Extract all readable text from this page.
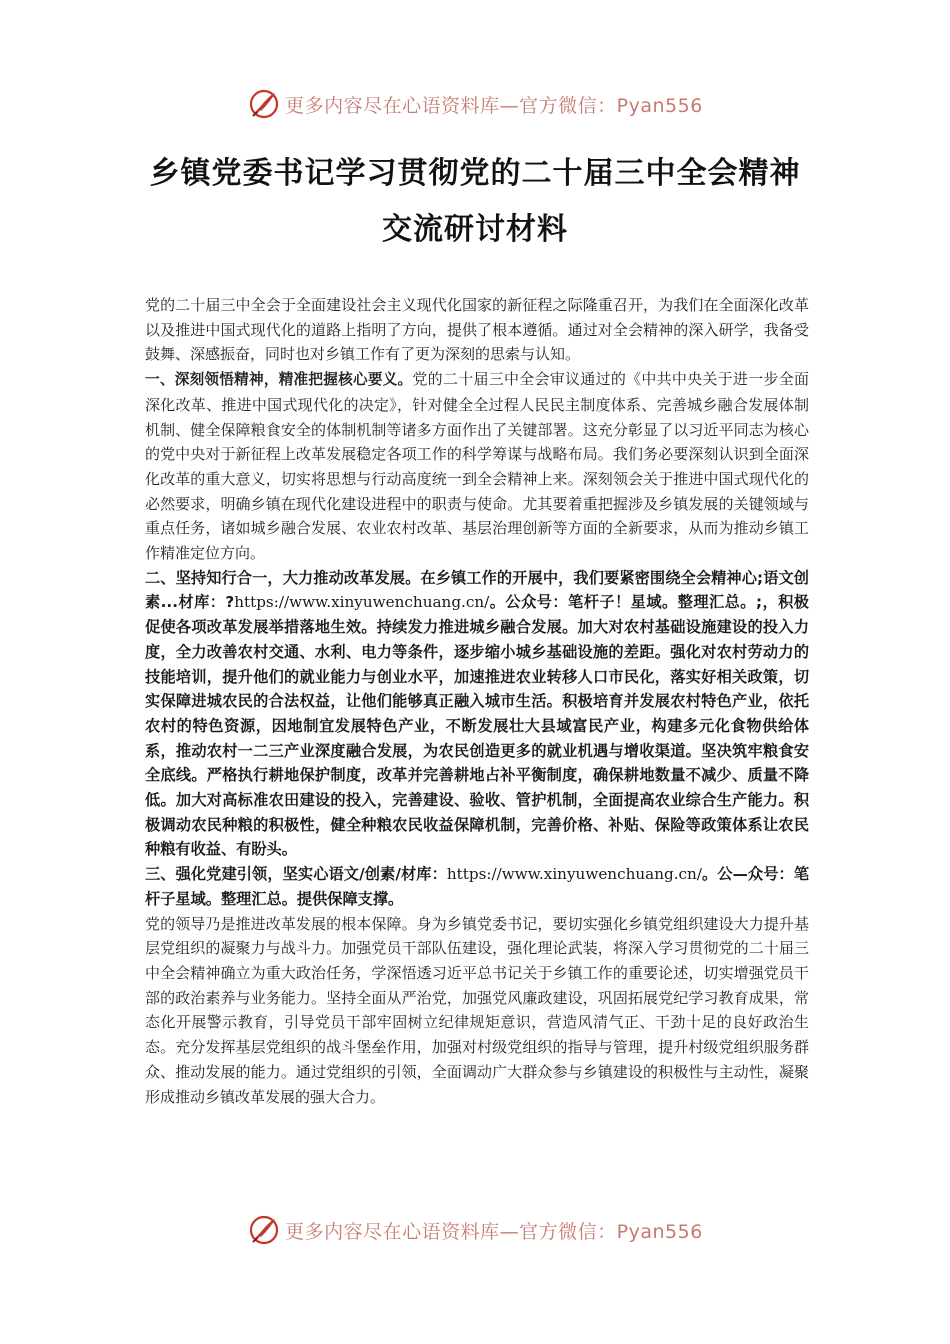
更多内容尽在心语资料库—官方微信：Pyan556
乡镇党委书记学习贯彻党的二十届三中全会精神交流研讨材料

党的二十届三中全会于全面建设社会主义现代化国家的新征程之际隆重召开，为我们在全面深化改革以及推进中国式现代化的道路上指明了方向，提供了根本遵循。通过对全会精神的深入研学，我备受鼓舞、深感振奋，同时也对乡镇工作有了更为深刻的思索与认知。

一、深刻领悟精神，精准把握核心要义。党的二十届三中全会审议通过的《中共中央关于进一步全面深化改革、推进中国式现代化的决定》，针对健全全过程人民民主制度体系、完善城乡融合发展体制机制、健全保障粮食安全的体制机制等诸多方面作出了关键部署。这充分彰显了以习近平同志为核心的党中央对于新征程上改革发展稳定各项工作的科学筹谋与战略布局。我们务必要深刻认识到全面深化改革的重大意义，切实将思想与行动高度统一到全会精神上来。深刻领会关于推进中国式现代化的必然要求，明确乡镇在现代化建设进程中的职责与使命。尤其要着重把握涉及乡镇发展的关键领域与重点任务，诸如城乡融合发展、农业农村改革、基层治理创新等方面的全新要求，从而为推动乡镇工作精准定位方向。

二、坚持知行合一，大力推动改革发展。在乡镇工作的开展中，我们要紧密围绕全会精神心;语文创素...材库：?https://www.xinyuwenchuang.cn/。公众号：笔杆子！星域。整理汇总。;，积极促使各项改革发展举措落地生效。持续发力推进城乡融合发展。加大对农村基础设施建设的投入力度，全力改善农村交通、水利、电力等条件，逐步缩小城乡基础设施的差距。强化对农村劳动力的技能培训，提升他们的就业能力与创业水平，加速推进农业转移人口市民化，落实好相关政策，切实保障进城农民的合法权益，让他们能够真正融入城市生活。积极培育并发展农村特色产业，依托农村的特色资源，因地制宜发展特色产业，不断发展壮大县域富民产业，构建多元化食物供给体系，推动农村一二三产业深度融合发展，为农民创造更多的就业机遇与增收渠道。坚决筑牢粮食安全底线。严格执行耕地保护制度，改革并完善耕地占补平衡制度，确保耕地数量不减少、质量不降低。加大对高标准农田建设的投入，完善建设、验收、管护机制，全面提高农业综合生产能力。积极调动农民种粮的积极性，健全种粮农民收益保障机制，完善价格、补贴、保险等政策体系让农民种粮有收益、有盼头。

三、强化党建引领，坚实心语文/创素/材库：https://www.xinyuwenchuang.cn/。公—众号：笔杆子星域。整理汇总。提供保障支撑。

党的领导乃是推进改革发展的根本保障。身为乡镇党委书记，要切实强化乡镇党组织建设大力提升基层党组织的凝聚力与战斗力。加强党员干部队伍建设，强化理论武装，将深入学习贯彻党的二十届三中全会精神确立为重大政治任务，学深悟透习近平总书记关于乡镇工作的重要论述，切实增强党员干部的政治素养与业务能力。坚持全面从严治党，加强党风廉政建设，巩固拓展党纪学习教育成果，常态化开展警示教育，引导党员干部牢固树立纪律规矩意识，营造风清气正、干劲十足的良好政治生态。充分发挥基层党组织的战斗堡垒作用，加强对村级党组织的指导与管理，提升村级党组织服务群众、推动发展的能力。通过党组织的引领，全面调动广大群众参与乡镇建设的积极性与主动性，凝聚形成推动乡镇改革发展的强大合力。

更多内容尽在心语资料库—官方微信：Pyan556
